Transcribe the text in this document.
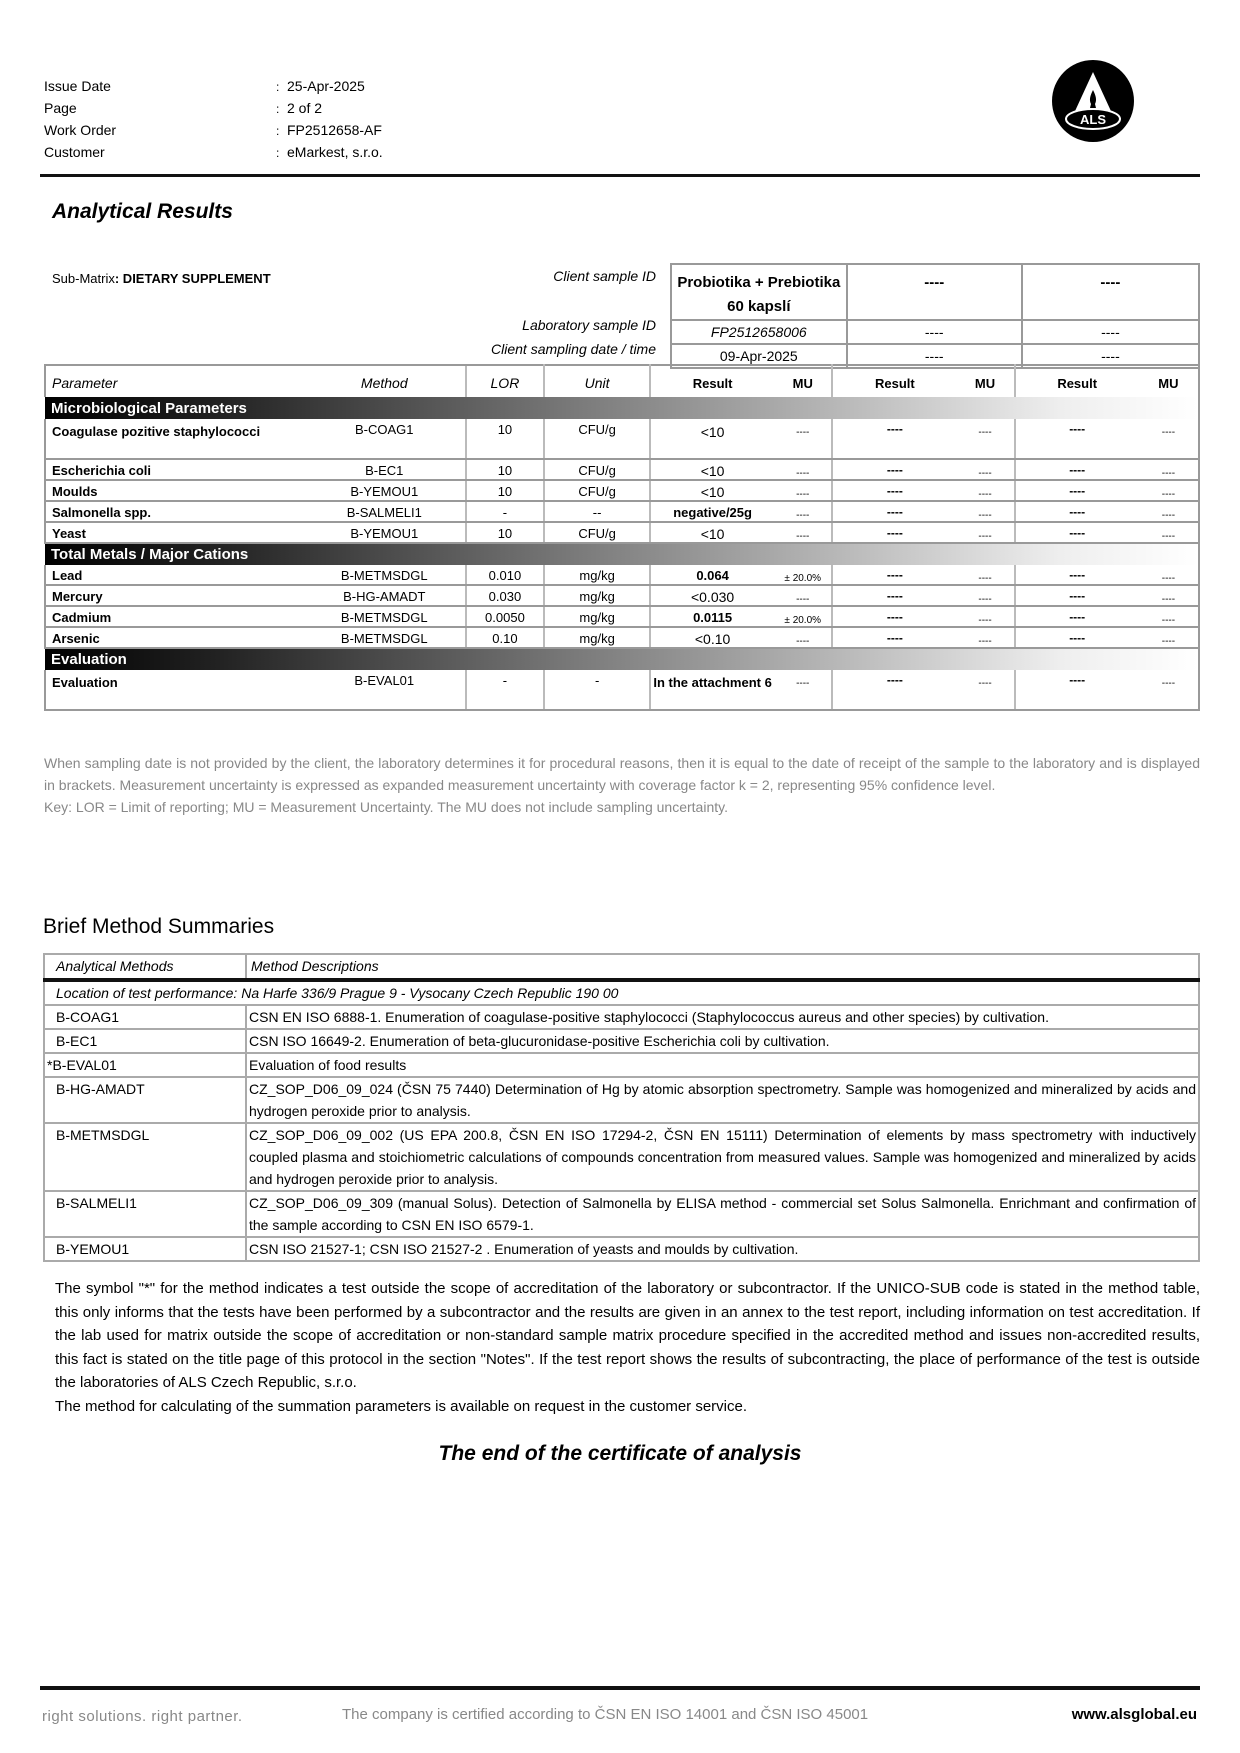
Issue Date	: 25-Apr-2025
Page	: 2 of 2
Work Order	: FP2512658-AF
Customer	: eMarkest, s.r.o.
ALS
Analytical Results
Sub-Matrix: DIETARY SUPPLEMENT	Client sample ID
Laboratory sample ID
Client sampling date / time
Probiotika + Prebiotika 60 kapslí	----	----
FP2512658006	----	----
09-Apr-2025	----	----
Parameter	Method	LOR	Unit	Result	MU	Result	MU	Result	MU
Microbiological Parameters									
Coagulase pozitive staphylococci	B-COAG1	10	CFU/g	<10	----	----	----	----	----
Escherichia coli	B-EC1	10	CFU/g	<10	----	----	----	----	----
Moulds	B-YEMOU1	10	CFU/g	<10	----	----	----	----	----
Salmonella spp.	B-SALMELI1	-	--	negative/25g	----	----	----	----	----
Yeast	B-YEMOU1	10	CFU/g	<10	----	----	----	----	----
Total Metals / Major Cations									
Lead	B-METMSDGL	0.010	mg/kg	0.064	± 20.0%	----	----	----	----
Mercury	B-HG-AMADT	0.030	mg/kg	<0.030	----	----	----	----	----
Cadmium	B-METMSDGL	0.0050	mg/kg	0.0115	± 20.0%	----	----	----	----
Arsenic	B-METMSDGL	0.10	mg/kg	<0.10	----	----	----	----	----
Evaluation									
Evaluation	B-EVAL01	-	-	In the attachment 6	----	----	----	----	----

When sampling date is not provided by the client, the laboratory determines it for procedural reasons, then it is equal to the date of receipt of the sample to the laboratory and is displayed in brackets. Measurement uncertainty is expressed as expanded measurement uncertainty with coverage factor k = 2, representing 95% confidence level.

Key: LOR = Limit of reporting; MU = Measurement Uncertainty. The MU does not include sampling uncertainty.

Brief Method Summaries
Analytical Methods	Method Descriptions
Location of test performance: Na Harfe 336/9 Prague 9 - Vysocany Czech Republic 190 00	
B-COAG1	CSN EN ISO 6888-1. Enumeration of coagulase-positive staphylococci (Staphylococcus aureus and other species) by cultivation.
B-EC1	CSN ISO 16649-2. Enumeration of beta-glucuronidase-positive Escherichia coli by cultivation.
*B-EVAL01	Evaluation of food results
B-HG-AMADT	CZ_SOP_D06_09_024 (ČSN 75 7440) Determination of Hg by atomic absorption spectrometry. Sample was homogenized and mineralized by acids and hydrogen peroxide prior to analysis.
B-METMSDGL	CZ_SOP_D06_09_002 (US EPA 200.8, ČSN EN ISO 17294-2, ČSN EN 15111) Determination of elements by mass spectrometry with inductively coupled plasma and stoichiometric calculations of compounds concentration from measured values. Sample was homogenized and mineralized by acids and hydrogen peroxide prior to analysis.
B-SALMELI1	CZ_SOP_D06_09_309 (manual Solus). Detection of Salmonella by ELISA method - commercial set Solus Salmonella. Enrichmant and confirmation of the sample according to CSN EN ISO 6579-1.
B-YEMOU1	CSN ISO 21527-1; CSN ISO 21527-2 . Enumeration of yeasts and moulds by cultivation.

The symbol "*" for the method indicates a test outside the scope of accreditation of the laboratory or subcontractor. If the UNICO-SUB code is stated in the method table, this only informs that the tests have been performed by a subcontractor and the results are given in an annex to the test report, including information on test accreditation. If the lab used for matrix outside the scope of accreditation or non-standard sample matrix procedure specified in the accredited method and issues non-accredited results, this fact is stated on the title page of this protocol in the section "Notes". If the test report shows the results of subcontracting, the place of performance of the test is outside the laboratories of ALS Czech Republic, s.r.o.

The method for calculating of the summation parameters is available on request in the customer service.

The end of the certificate of analysis
right solutions. right partner.	The company is certified according to ČSN EN ISO 14001 and ČSN ISO 45001	www.alsglobal.eu
